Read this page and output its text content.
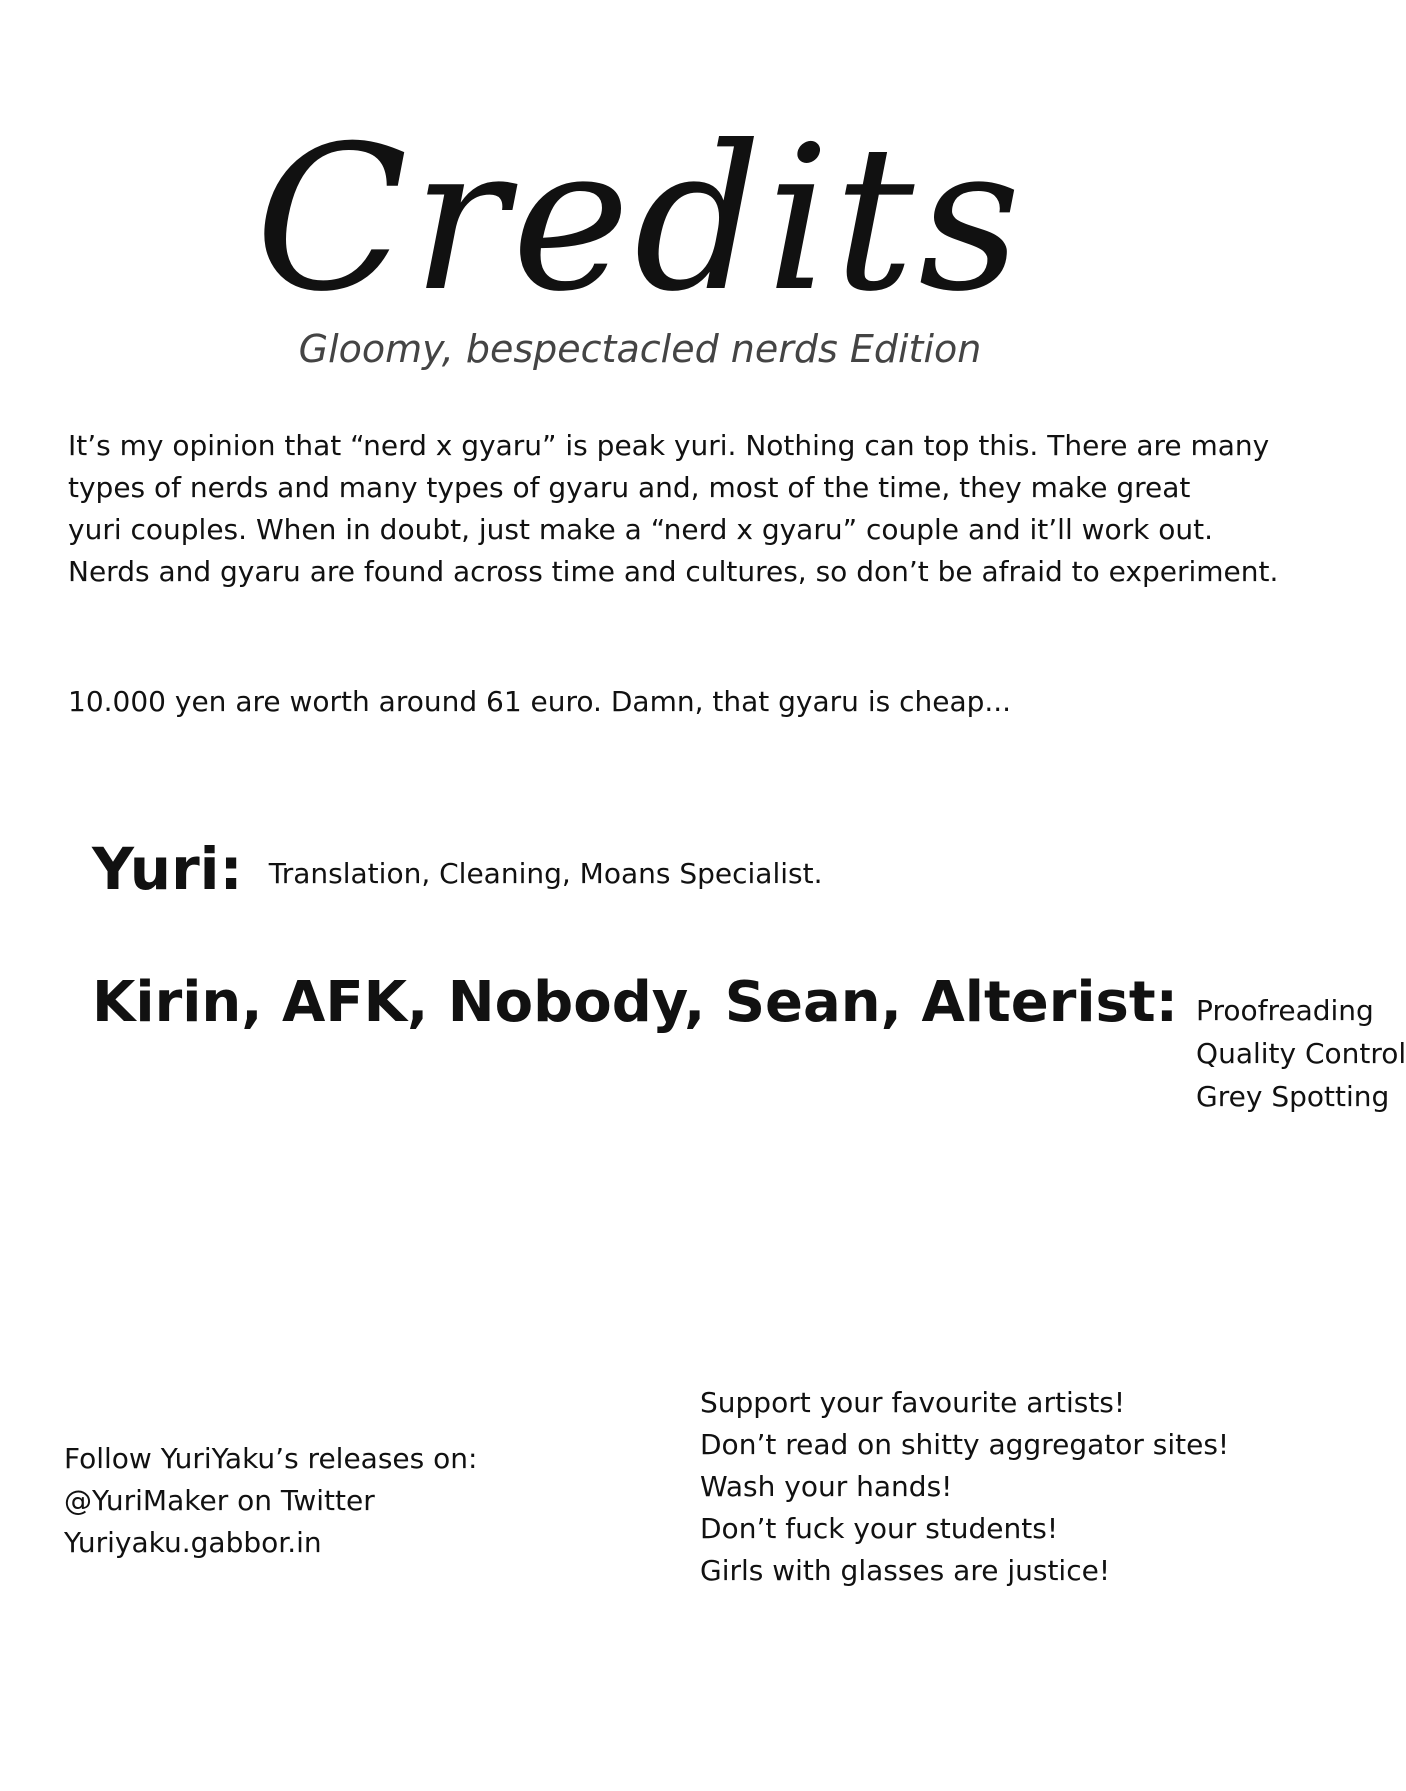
Credits
Gloomy, bespectacled nerds Edition

It’s my opinion that “nerd x gyaru” is peak yuri. Nothing can top this. There are many
types of nerds and many types of gyaru and, most of the time, they make great
yuri couples. When in doubt, just make a “nerd x gyaru” couple and it’ll work out.
Nerds and gyaru are found across time and cultures, so don’t be afraid to experiment.

10.000 yen are worth around 61 euro. Damn, that gyaru is cheap...

Yuri: Translation, Cleaning, Moans Specialist.
Kirin, AFK, Nobody, Sean, Alterist: Proofreading
Quality Control
Grey Spotting
Follow YuriYaku’s releases on:
@YuriMaker on Twitter
Yuriyaku.gabbor.in
Support your favourite artists!
Don’t read on shitty aggregator sites!
Wash your hands!
Don’t fuck your students!
Girls with glasses are justice!
